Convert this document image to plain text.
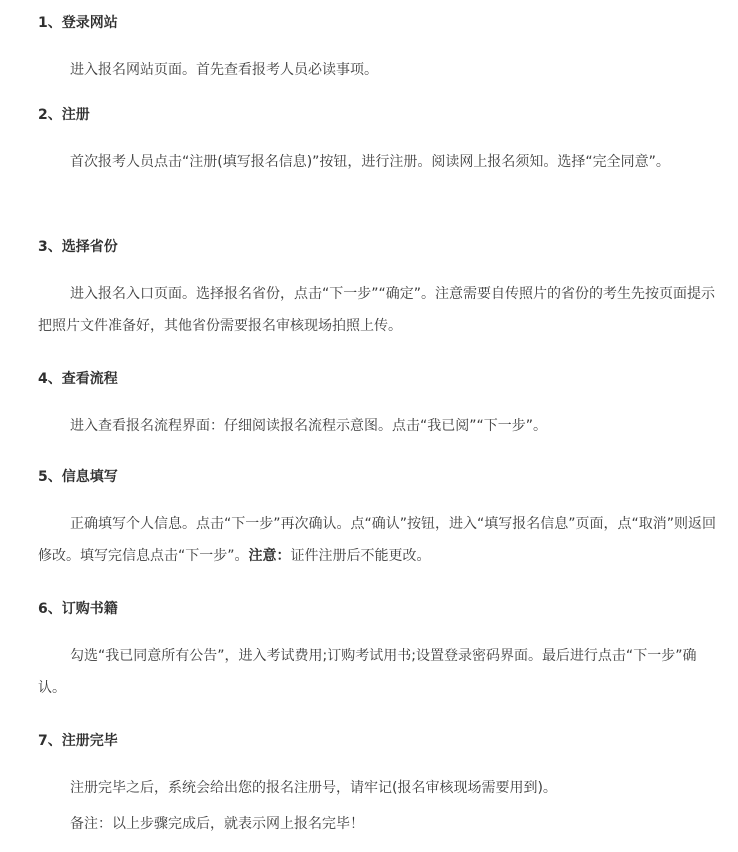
1、登录网站
进入报名网站页面。首先查看报考人员必读事项。
2、注册
首次报考人员点击“注册(填写报名信息)”按钮，进行注册。阅读网上报名须知。选择“完全同意”。
3、选择省份
进入报名入口页面。选择报名省份，点击“下一步”“确定”。注意需要自传照片的省份的考生先按页面提示把照片文件准备好，其他省份需要报名审核现场拍照上传。
4、查看流程
进入查看报名流程界面：仔细阅读报名流程示意图。点击“我已阅”“下一步”。
5、信息填写
正确填写个人信息。点击“下一步”再次确认。点“确认”按钮，进入“填写报名信息”页面，点“取消”则返回修改。填写完信息点击“下一步”。注意：证件注册后不能更改。
6、订购书籍
勾选“我已同意所有公告”，进入考试费用;订购考试用书;设置登录密码界面。最后进行点击“下一步”确认。
7、注册完毕
注册完毕之后，系统会给出您的报名注册号，请牢记(报名审核现场需要用到)。
备注：以上步骤完成后，就表示网上报名完毕！
